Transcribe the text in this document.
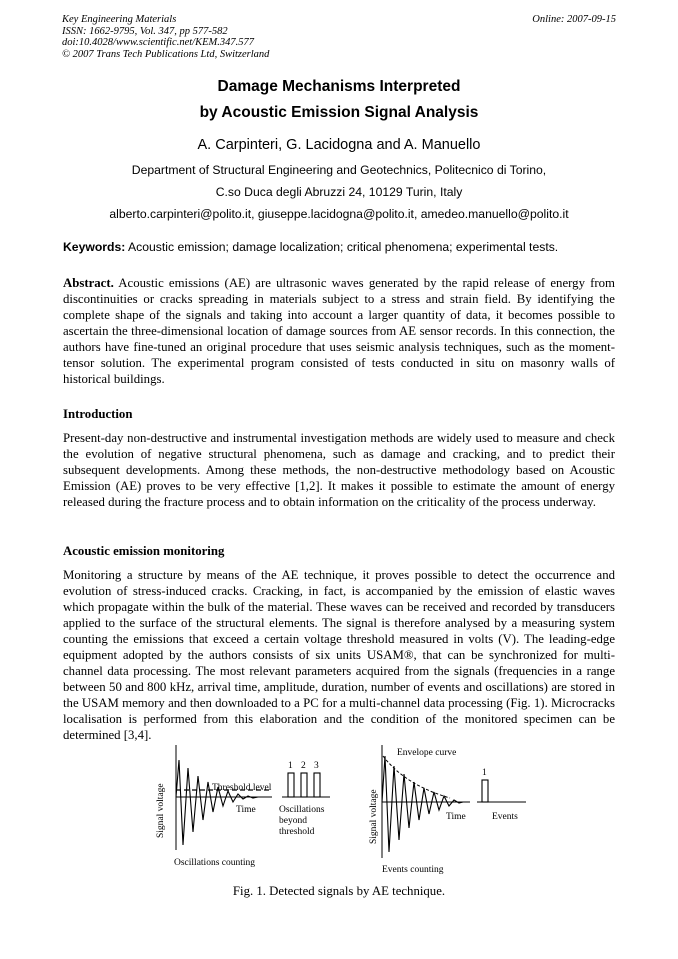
Key Engineering Materials
ISSN: 1662-9795, Vol. 347, pp 577-582
doi:10.4028/www.scientific.net/KEM.347.577
© 2007 Trans Tech Publications Ltd, Switzerland
Online: 2007-09-15
Damage Mechanisms Interpreted
by Acoustic Emission Signal Analysis
A. Carpinteri, G. Lacidogna and A. Manuello
Department of Structural Engineering and Geotechnics, Politecnico di Torino,
C.so Duca degli Abruzzi 24, 10129 Turin, Italy
alberto.carpinteri@polito.it, giuseppe.lacidogna@polito.it, amedeo.manuello@polito.it
Keywords: Acoustic emission; damage localization; critical phenomena; experimental tests.
Abstract. Acoustic emissions (AE) are ultrasonic waves generated by the rapid release of energy from discontinuities or cracks spreading in materials subject to a stress and strain field. By identifying the complete shape of the signals and taking into account a larger quantity of data, it becomes possible to ascertain the three-dimensional location of damage sources from AE sensor records. In this connection, the authors have fine-tuned an original procedure that uses seismic analysis techniques, such as the moment-tensor solution. The experimental program consisted of tests conducted in situ on masonry walls of historical buildings.
Introduction
Present-day non-destructive and instrumental investigation methods are widely used to measure and check the evolution of negative structural phenomena, such as damage and cracking, and to predict their subsequent developments. Among these methods, the non-destructive methodology based on Acoustic Emission (AE) proves to be very effective [1,2]. It makes it possible to estimate the amount of energy released during the fracture process and to obtain information on the criticality of the process underway.
Acoustic emission monitoring
Monitoring a structure by means of the AE technique, it proves possible to detect the occurrence and evolution of stress-induced cracks. Cracking, in fact, is accompanied by the emission of elastic waves which propagate within the bulk of the material. These waves can be received and recorded by transducers applied to the surface of the structural elements. The signal is therefore analysed by a measuring system counting the emissions that exceed a certain voltage threshold measured in volts (V). The leading-edge equipment adopted by the authors consists of six units USAM®, that can be synchronized for multi-channel data processing. The most relevant parameters acquired from the signals (frequencies in a range between 50 and 800 kHz, arrival time, amplitude, duration, number of events and oscillations) are stored in the USAM memory and then downloaded to a PC for a multi-channel data processing (Fig. 1). Microcracks localisation is performed from this elaboration and the condition of the monitored specimen can be determined [3,4].
Signal voltage	Threshold level
Time
Oscillations counting
1 2 3
Oscillations
beyond
threshold	Signal voltage
Envelope curve
Time
Events counting
1
Events
Fig. 1. Detected signals by AE technique.
